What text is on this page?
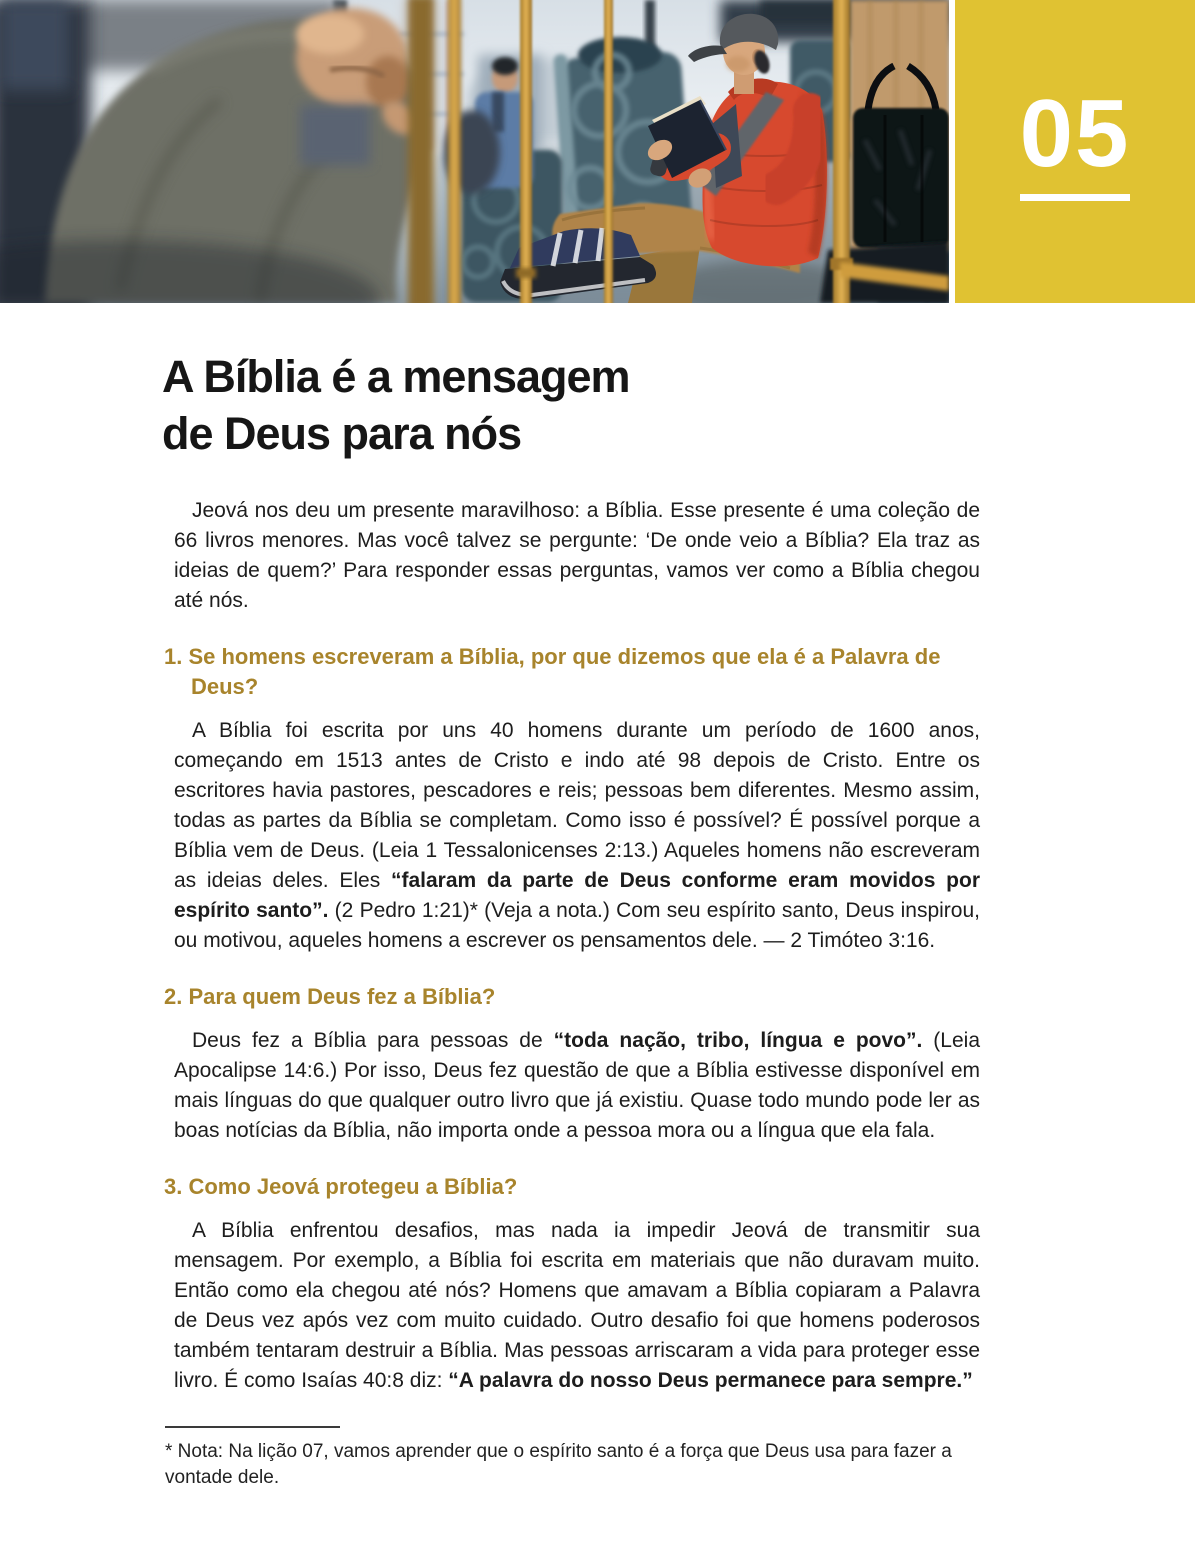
05
A Bíblia é a mensagem
de Deus para nós

Jeová nos deu um presente maravilhoso: a Bíblia. Esse presente é uma coleção de 66 livros menores. Mas você talvez se pergunte: ‘De onde veio a Bíblia? Ela traz as ideias de quem?’ Para responder essas perguntas, vamos ver como a Bíblia chegou até nós.

1. Se homens escreveram a Bíblia, por que dizemos que ela é a Palavra de Deus?

A Bíblia foi escrita por uns 40 homens durante um período de 1600 anos, começando em 1513 antes de Cristo e indo até 98 depois de Cristo. Entre os escritores havia pastores, pescadores e reis; pessoas bem diferentes. Mesmo assim, todas as partes da Bíblia se completam. Como isso é possível? É possível porque a Bíblia vem de Deus. (Leia 1 Tessalonicenses 2:13.) Aqueles homens não escreveram as ideias deles. Eles “falaram da parte de Deus conforme eram movidos por espírito santo”. (2 Pedro 1:21)* (Veja a nota.) Com seu espírito santo, Deus inspirou, ou motivou, aqueles homens a escrever os pensamentos dele. — 2 Timóteo 3:16.

2. Para quem Deus fez a Bíblia?

Deus fez a Bíblia para pessoas de “toda nação, tribo, língua e povo”. (Leia Apocalipse 14:6.) Por isso, Deus fez questão de que a Bíblia estivesse disponível em mais línguas do que qualquer outro livro que já existiu. Quase todo mundo pode ler as boas notícias da Bíblia, não importa onde a pessoa mora ou a língua que ela fala.

3. Como Jeová protegeu a Bíblia?

A Bíblia enfrentou desafios, mas nada ia impedir Jeová de transmitir sua mensagem. Por exemplo, a Bíblia foi escrita em materiais que não duravam muito. Então como ela chegou até nós? Homens que amavam a Bíblia copiaram a Palavra de Deus vez após vez com muito cuidado. Outro desafio foi que homens poderosos também tentaram destruir a Bíblia. Mas pessoas arriscaram a vida para proteger esse livro. É como Isaías 40:8 diz: “A palavra do nosso Deus permanece para sempre.”

* Nota: Na lição 07, vamos aprender que o espírito santo é a força que Deus usa para fazer a vontade dele.
